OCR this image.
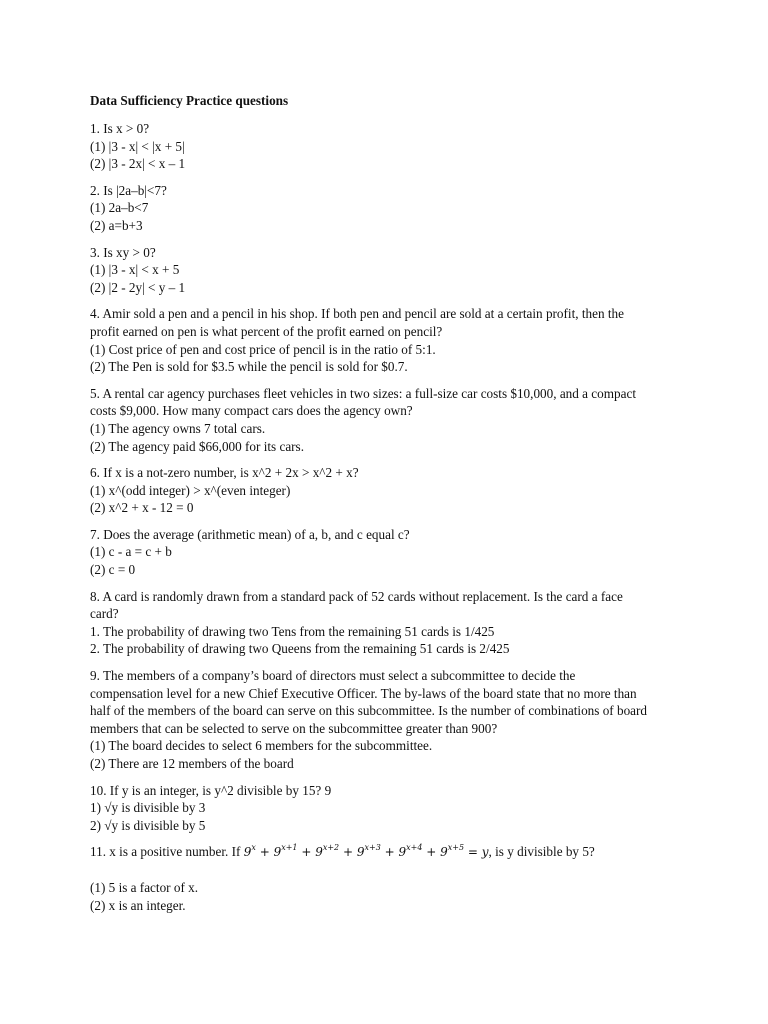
Data Sufficiency Practice questions
1. Is x > 0?
(1) |3 - x| < |x + 5|
(2) |3 - 2x| < x – 1
2. Is |2a–b|<7?
(1) 2a–b<7
(2) a=b+3
3. Is xy > 0?
(1) |3 - x| < x + 5
(2) |2 - 2y| < y – 1
4. Amir sold a pen and a pencil in his shop. If both pen and pencil are sold at a certain profit, then the
profit earned on pen is what percent of the profit earned on pencil?
(1) Cost price of pen and cost price of pencil is in the ratio of 5:1.
(2) The Pen is sold for $3.5 while the pencil is sold for $0.7.
5. A rental car agency purchases fleet vehicles in two sizes: a full-size car costs $10,000, and a compact
costs $9,000. How many compact cars does the agency own?
(1) The agency owns 7 total cars.
(2) The agency paid $66,000 for its cars.
6. If x is a not-zero number, is x^2 + 2x > x^2 + x?
(1) x^(odd integer) > x^(even integer)
(2) x^2 + x - 12 = 0
7. Does the average (arithmetic mean) of a, b, and c equal c?
(1) c - a = c + b
(2) c = 0
8. A card is randomly drawn from a standard pack of 52 cards without replacement. Is the card a face
card?
1. The probability of drawing two Tens from the remaining 51 cards is 1/425
2. The probability of drawing two Queens from the remaining 51 cards is 2/425
9. The members of a company’s board of directors must select a subcommittee to decide the
compensation level for a new Chief Executive Officer. The by-laws of the board state that no more than
half of the members of the board can serve on this subcommittee. Is the number of combinations of board
members that can be selected to serve on the subcommittee greater than 900?
(1) The board decides to select 6 members for the subcommittee.
(2) There are 12 members of the board
10. If y is an integer, is y^2 divisible by 15? 9
1) √y is divisible by 3
2) √y is divisible by 5
11. x is a positive number. If $9^x + 9^{x+1} + 9^{x+2} + 9^{x+3} + 9^{x+4} + 9^{x+5} = y$, is y divisible by 5?
(1) 5 is a factor of x.
(2) x is an integer.
